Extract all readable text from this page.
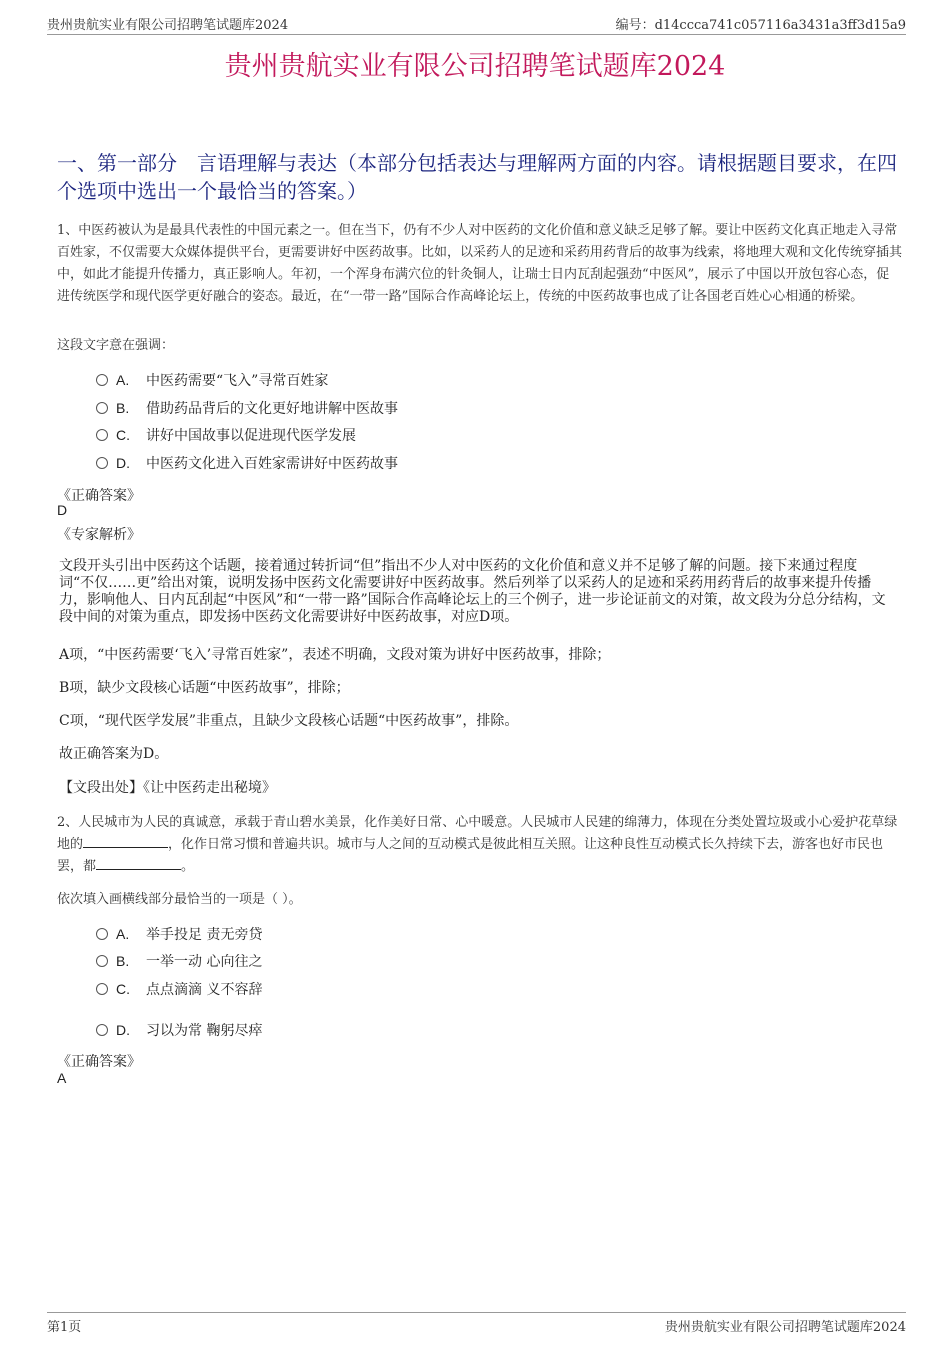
贵州贵航实业有限公司招聘笔试题库2024	编号：d14ccca741c057116a3431a3ff3d15a9
贵州贵航实业有限公司招聘笔试题库2024
一、第一部分　言语理解与表达（本部分包括表达与理解两方面的内容。请根据题目要求，在四个选项中选出一个最恰当的答案。）
1、中医药被认为是最具代表性的中国元素之一。但在当下，仍有不少人对中医药的文化价值和意义缺乏足够了解。要让中医药文化真正地走入寻常百姓家，不仅需要大众媒体提供平台，更需要讲好中医药故事。比如，以采药人的足迹和采药用药背后的故事为线索，将地理大观和文化传统穿插其中，如此才能提升传播力，真正影响人。年初，一个浑身布满穴位的针灸铜人，让瑞士日内瓦刮起强劲“中医风”，展示了中国以开放包容心态，促进传统医学和现代医学更好融合的姿态。最近，在“一带一路”国际合作高峰论坛上，传统的中医药故事也成了让各国老百姓心心相通的桥梁。
这段文字意在强调：
A. 中医药需要“飞入”寻常百姓家
B. 借助药品背后的文化更好地讲解中医故事
C. 讲好中国故事以促进现代医学发展
D. 中医药文化进入百姓家需讲好中医药故事
《正确答案》
D
《专家解析》
文段开头引出中医药这个话题，接着通过转折词“但”指出不少人对中医药的文化价值和意义并不足够了解的问题。接下来通过程度词“不仅……更”给出对策，说明发扬中医药文化需要讲好中医药故事。然后列举了以采药人的足迹和采药用药背后的故事来提升传播力，影响他人、日内瓦刮起“中医风”和“一带一路”国际合作高峰论坛上的三个例子，进一步论证前文的对策，故文段为分总分结构，文段中间的对策为重点，即发扬中医药文化需要讲好中医药故事，对应D项。
A项，“中医药需要‘飞入’寻常百姓家”，表述不明确，文段对策为讲好中医药故事，排除；
B项，缺少文段核心话题“中医药故事”，排除；
C项，“现代医学发展”非重点，且缺少文段核心话题“中医药故事”，排除。
故正确答案为D。
【文段出处】《让中医药走出秘境》
2、人民城市为人民的真诚意，承载于青山碧水美景，化作美好日常、心中暖意。人民城市人民建的绵薄力，体现在分类处置垃圾或小心爱护花草绿地的	，化作日常习惯和普遍共识。城市与人之间的互动模式是彼此相互关照。让这种良性互动模式长久持续下去，游客也好市民也罢，都	。
依次填入画横线部分最恰当的一项是（ ）。
A. 举手投足 责无旁贷
B. 一举一动 心向往之
C. 点点滴滴 义不容辞
D. 习以为常 鞠躬尽瘁
《正确答案》
A
第1页	贵州贵航实业有限公司招聘笔试题库2024
